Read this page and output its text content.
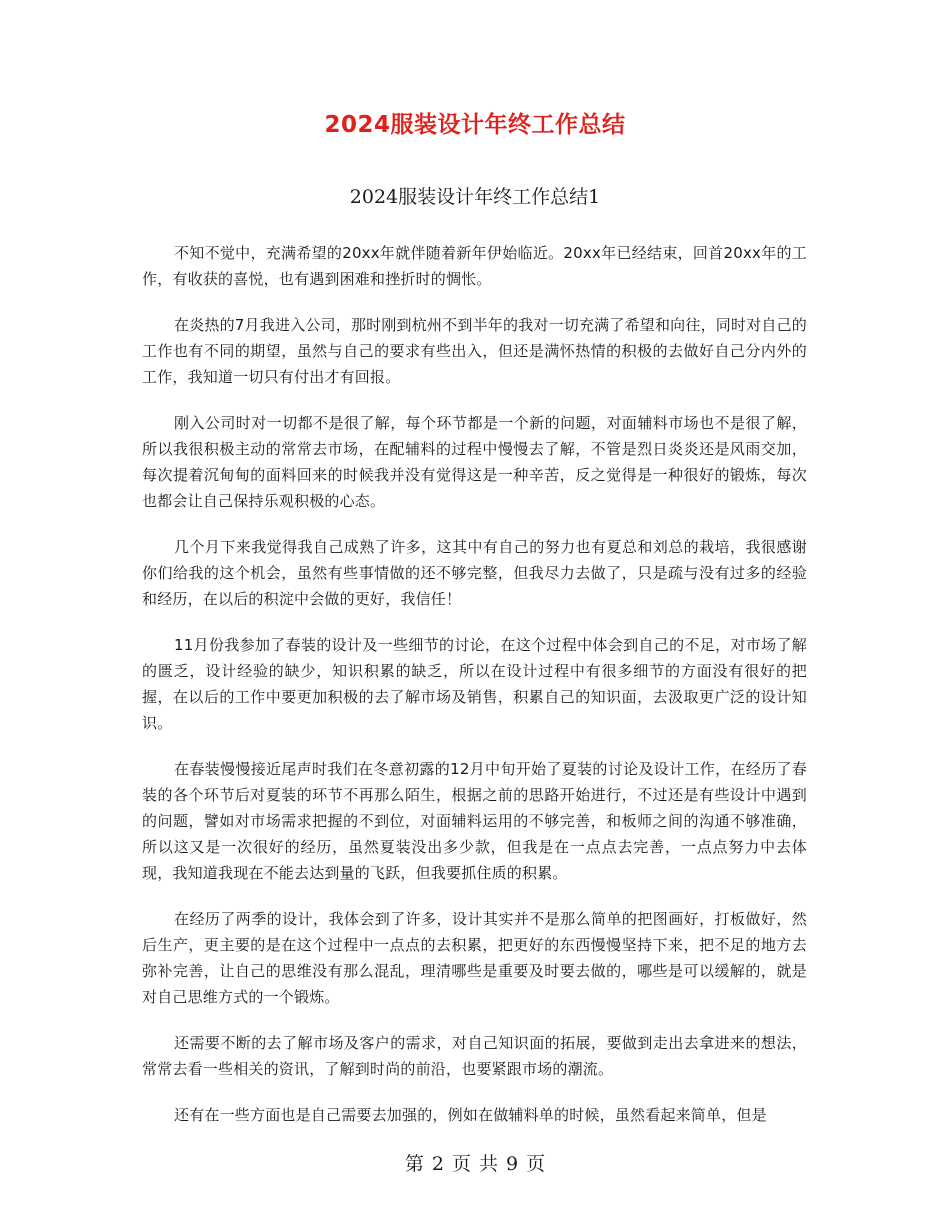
2024服装设计年终工作总结
2024服装设计年终工作总结1

不知不觉中，充满希望的20xx年就伴随着新年伊始临近。20xx年已经结束，回首20xx年的工作，有收获的喜悦，也有遇到困难和挫折时的惆怅。

在炎热的7月我进入公司，那时刚到杭州不到半年的我对一切充满了希望和向往，同时对自己的工作也有不同的期望，虽然与自己的要求有些出入，但还是满怀热情的积极的去做好自己分内外的工作，我知道一切只有付出才有回报。

刚入公司时对一切都不是很了解，每个环节都是一个新的问题，对面辅料市场也不是很了解，所以我很积极主动的常常去市场，在配辅料的过程中慢慢去了解，不管是烈日炎炎还是风雨交加，每次提着沉甸甸的面料回来的时候我并没有觉得这是一种辛苦，反之觉得是一种很好的锻炼，每次也都会让自己保持乐观积极的心态。

几个月下来我觉得我自己成熟了许多，这其中有自己的努力也有夏总和刘总的栽培，我很感谢你们给我的这个机会，虽然有些事情做的还不够完整，但我尽力去做了，只是疏与没有过多的经验和经历，在以后的积淀中会做的更好，我信任！

11月份我参加了春装的设计及一些细节的讨论，在这个过程中体会到自己的不足，对市场了解的匮乏，设计经验的缺少，知识积累的缺乏，所以在设计过程中有很多细节的方面没有很好的把握，在以后的工作中要更加积极的去了解市场及销售，积累自己的知识面，去汲取更广泛的设计知识。

在春装慢慢接近尾声时我们在冬意初露的12月中旬开始了夏装的讨论及设计工作，在经历了春装的各个环节后对夏装的环节不再那么陌生，根据之前的思路开始进行，不过还是有些设计中遇到的问题，譬如对市场需求把握的不到位，对面辅料运用的不够完善，和板师之间的沟通不够准确，所以这又是一次很好的经历，虽然夏装没出多少款，但我是在一点点去完善，一点点努力中去体现，我知道我现在不能去达到量的飞跃，但我要抓住质的积累。

在经历了两季的设计，我体会到了许多，设计其实并不是那么简单的把图画好，打板做好，然后生产，更主要的是在这个过程中一点点的去积累，把更好的东西慢慢坚持下来，把不足的地方去弥补完善，让自己的思维没有那么混乱，理清哪些是重要及时要去做的，哪些是可以缓解的，就是对自己思维方式的一个锻炼。

还需要不断的去了解市场及客户的需求，对自己知识面的拓展，要做到走出去拿进来的想法，常常去看一些相关的资讯，了解到时尚的前沿，也要紧跟市场的潮流。

还有在一些方面也是自己需要去加强的，例如在做辅料单的时候，虽然看起来简单，但是

第 2 页 共 9 页
